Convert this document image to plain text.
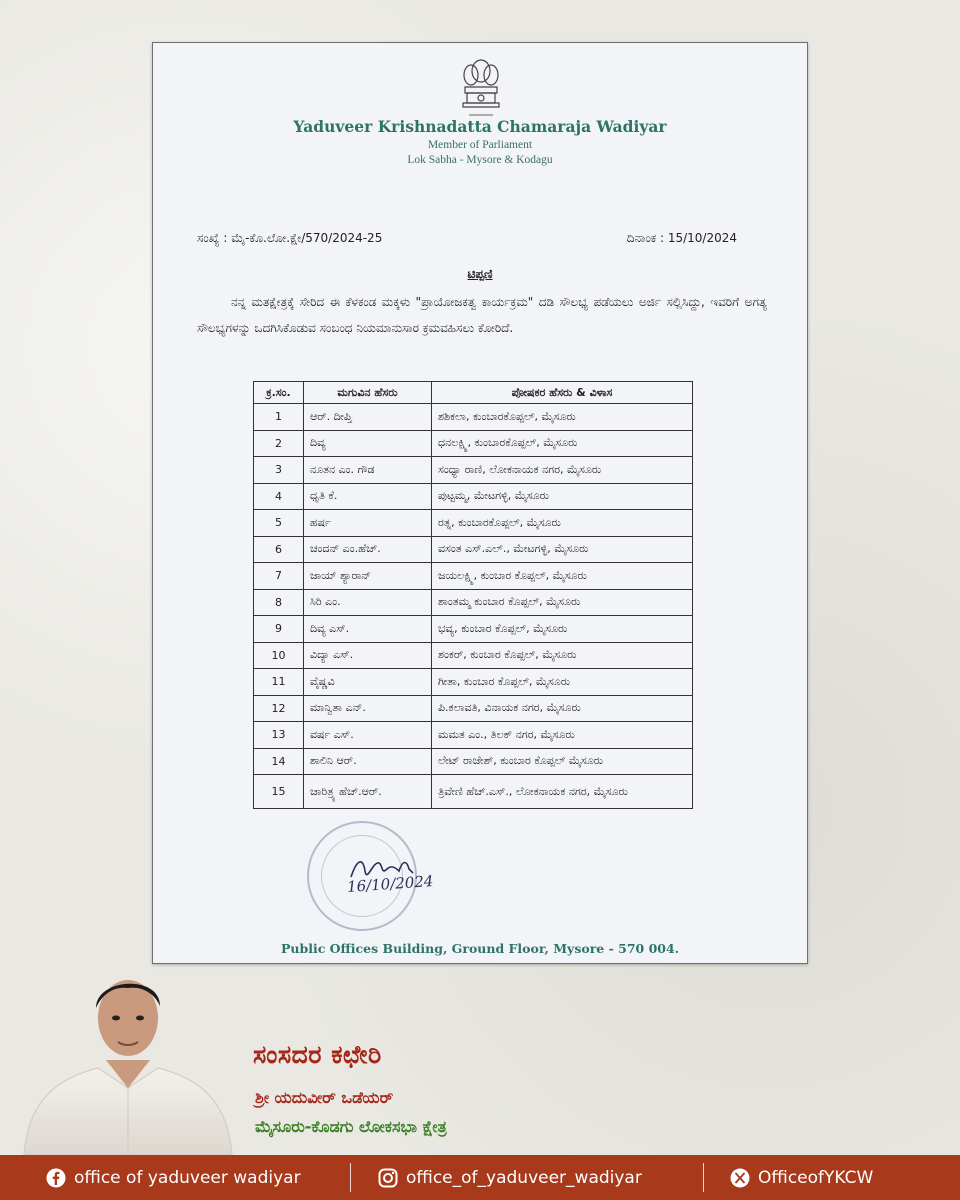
Yaduveer Krishnadatta Chamaraja Wadiyar
Member of Parliament
Lok Sabha - Mysore & Kodagu
ಸಂಖ್ಯೆ : ಮೈ-ಕೊ.ಲೋ.ಕ್ಷೇ/570/2024-25	ದಿನಾಂಕ : 15/10/2024
ಟಿಪ್ಪಣಿ
ನನ್ನ ಮತಕ್ಷೇತ್ರಕ್ಕೆ ಸೇರಿದ ಈ ಕೆಳಕಂಡ ಮಕ್ಕಳು "ಪ್ರಾಯೋಜಕತ್ವ ಕಾರ್ಯಕ್ರಮ" ದಡಿ ಸೌಲಭ್ಯ ಪಡೆಯಲು ಅರ್ಜಿ ಸಲ್ಲಿಸಿದ್ದು, ಇವರಿಗೆ ಅಗತ್ಯ ಸೌಲಭ್ಯಗಳನ್ನು ಒದಗಿಸಿಕೊಡುವ ಸಂಬಂಧ ನಿಯಮಾನುಸಾರ ಕ್ರಮವಹಿಸಲು ಕೋರಿದೆ.
ಕ್ರ.ಸಂ.	ಮಗುವಿನ ಹೆಸರು	ಪೋಷಕರ ಹೆಸರು & ವಿಳಾಸ
1	ಆರ್. ದೀಪ್ತಿ	ಶಶಿಕಲಾ, ಕುಂಬಾರಕೊಪ್ಪಲ್, ಮೈಸೂರು
2	ದಿವ್ಯ	ಧನಲಕ್ಷ್ಮಿ, ಕುಂಬಾರಕೊಪ್ಪಲ್, ಮೈಸೂರು
3	ನೂತನ ಎಂ. ಗೌಡ	ಸಂಧ್ಯಾ ರಾಣಿ, ಲೋಕನಾಯಕ ನಗರ, ಮೈಸೂರು
4	ಧೃತಿ ಕೆ.	ಪುಟ್ಟಮ್ಮ, ಮೇಟಗಳ್ಳಿ, ಮೈಸೂರು
5	ಹರ್ಷ	ರತ್ನ, ಕುಂಬಾರಕೊಪ್ಪಲ್, ಮೈಸೂರು
6	ಚಂದನ್ ಎಂ.ಹೆಚ್.	ವಸಂತ ಎಸ್.ಎಲ್., ಮೇಟಗಳ್ಳಿ, ಮೈಸೂರು
7	ಜಾಯ್ ಶ್ಯಾರಾನ್	ಜಯಲಕ್ಷ್ಮಿ, ಕುಂಬಾರ ಕೊಪ್ಪಲ್, ಮೈಸೂರು
8	ಸಿರಿ ಎಂ.	ಶಾಂತಮ್ಮ ಕುಂಬಾರ ಕೊಪ್ಪಲ್, ಮೈಸೂರು
9	ದಿವ್ಯ ಎಸ್.	ಭವ್ಯ, ಕುಂಬಾರ ಕೊಪ್ಪಲ್, ಮೈಸೂರು
10	ವಿದ್ಯಾ ಎಸ್.	ಶಂಕರ್, ಕುಂಬಾರ ಕೊಪ್ಪಲ್, ಮೈಸೂರು
11	ವೈಷ್ಣವಿ	ಗೀತಾ, ಕುಂಬಾರ ಕೊಪ್ಪಲ್, ಮೈಸೂರು
12	ಮಾನ್ವಿತಾ ಎನ್.	ಪಿ.ಕಲಾವತಿ, ವಿನಾಯಕ ನಗರ, ಮೈಸೂರು
13	ವರ್ಷ ಎಸ್.	ಮಮತ ಎಂ., ತಿಲಕ್ ನಗರ, ಮೈಸೂರು
14	ಶಾಲಿನಿ ಆರ್.	ಲೇಟ್ ರಾಜೇಶ್, ಕುಂಬಾರ ಕೊಪ್ಪಲ್ ಮೈಸೂರು
15	ಚಾರಿತ್ರ್ಯ ಹೆಚ್.ಆರ್.	ತ್ರಿವೇಣಿ ಹೆಚ್.ಎಸ್., ಲೋಕನಾಯಕ ನಗರ, ಮೈಸೂರು
16/10/2024
Public Offices Building, Ground Floor, Mysore - 570 004.
ಸಂಸದರ ಕಛೇರಿ
ಶ್ರೀ ಯದುವೀರ್ ಒಡೆಯರ್
ಮೈಸೂರು-ಕೊಡಗು ಲೋಕಸಭಾ ಕ್ಷೇತ್ರ
office of yaduveer wadiyar	office_of_yaduveer_wadiyar	OfficeofYKCW
